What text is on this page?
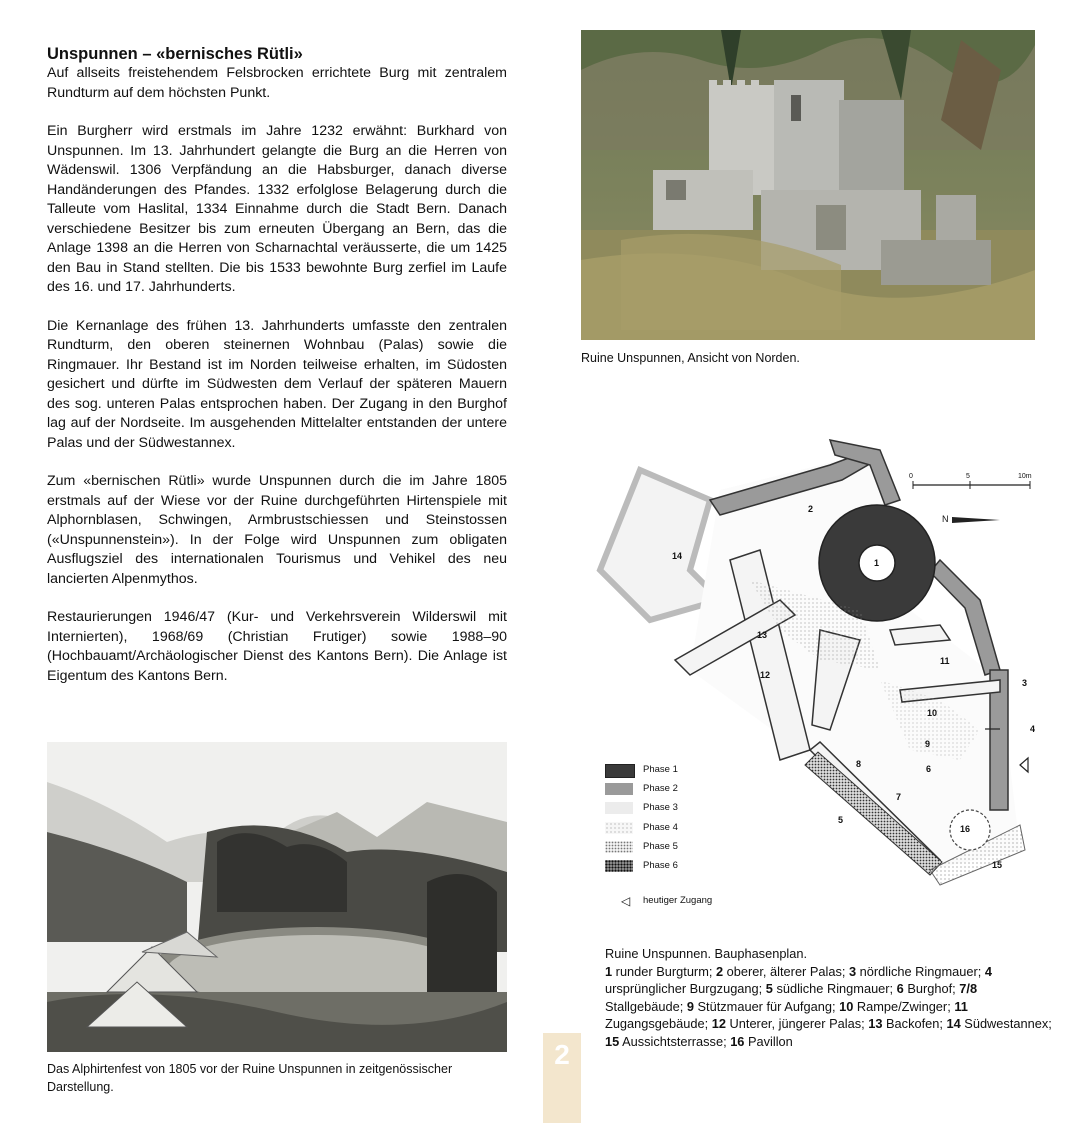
Unspunnen – «bernisches Rütli»

Auf allseits freistehendem Felsbrocken errichtete Burg mit zentralem Rundturm auf dem höchsten Punkt.

Ein Burgherr wird erstmals im Jahre 1232 erwähnt: Burkhard von Unspunnen. Im 13. Jahrhundert gelangte die Burg an die Herren von Wädenswil. 1306 Verpfändung an die Habsburger, danach diverse Handänderungen des Pfandes. 1332 erfolglose Belagerung durch die Talleute vom Haslital, 1334 Einnahme durch die Stadt Bern. Danach verschiedene Besitzer bis zum erneuten Übergang an Bern, das die Anlage 1398 an die Herren von Scharnachtal veräusserte, die um 1425 den Bau in Stand stellten. Die bis 1533 bewohnte Burg zerfiel im Laufe des 16. und 17. Jahrhunderts.

Die Kernanlage des frühen 13. Jahrhunderts umfasste den zentralen Rundturm, den oberen steinernen Wohnbau (Palas) sowie die Ringmauer. Ihr Bestand ist im Norden teilweise erhalten, im Südosten gesichert und dürfte im Südwesten dem Verlauf der späteren Mauern des sog. unteren Palas entsprochen haben. Der Zugang in den Burghof lag auf der Nordseite. Im ausgehenden Mittelalter entstanden der untere Palas und der Südwestannex.

Zum «bernischen Rütli» wurde Unspunnen durch die im Jahre 1805 erstmals auf der Wiese vor der Ruine durchgeführten Hirtenspiele mit Alphornblasen, Schwingen, Armbrustschiessen und Steinstossen («Unspunnenstein»). In der Folge wird Unspunnen zum obligaten Ausflugsziel des internationalen Tourismus und Vehikel des neu lancierten Alpenmythos.

Restaurierungen 1946/47 (Kur- und Verkehrsverein Wilderswil mit Internierten), 1968/69 (Christian Frutiger) sowie 1988–90 (Hochbauamt/Archäologischer Dienst des Kantons Bern). Die Anlage ist Eigentum des Kantons Bern.

Ruine Unspunnen, Ansicht von Norden.
Das Alphirtenfest von 1805 vor der Ruine Unspunnen in zeitgenössischer Darstellung.
0	5	10m
N
1
2
3
4
5
6
7
8
9
10
11
12
13
14
15
16
Phase 1
Phase 2
Phase 3
Phase 4
Phase 5
Phase 6
◁ heutiger Zugang
Ruine Unspunnen. Bauphasenplan.
1 runder Burgturm; 2 oberer, älterer Palas; 3 nördliche Ringmauer; 4 ursprünglicher Burgzugang; 5 südliche Ringmauer; 6 Burghof; 7/8 Stallgebäude; 9 Stützmauer für Aufgang; 10 Rampe/Zwinger; 11 Zugangsgebäude; 12 Unterer, jüngerer Palas; 13 Backofen; 14 Südwestannex; 15 Aussichtsterrasse; 16 Pavillon
2
